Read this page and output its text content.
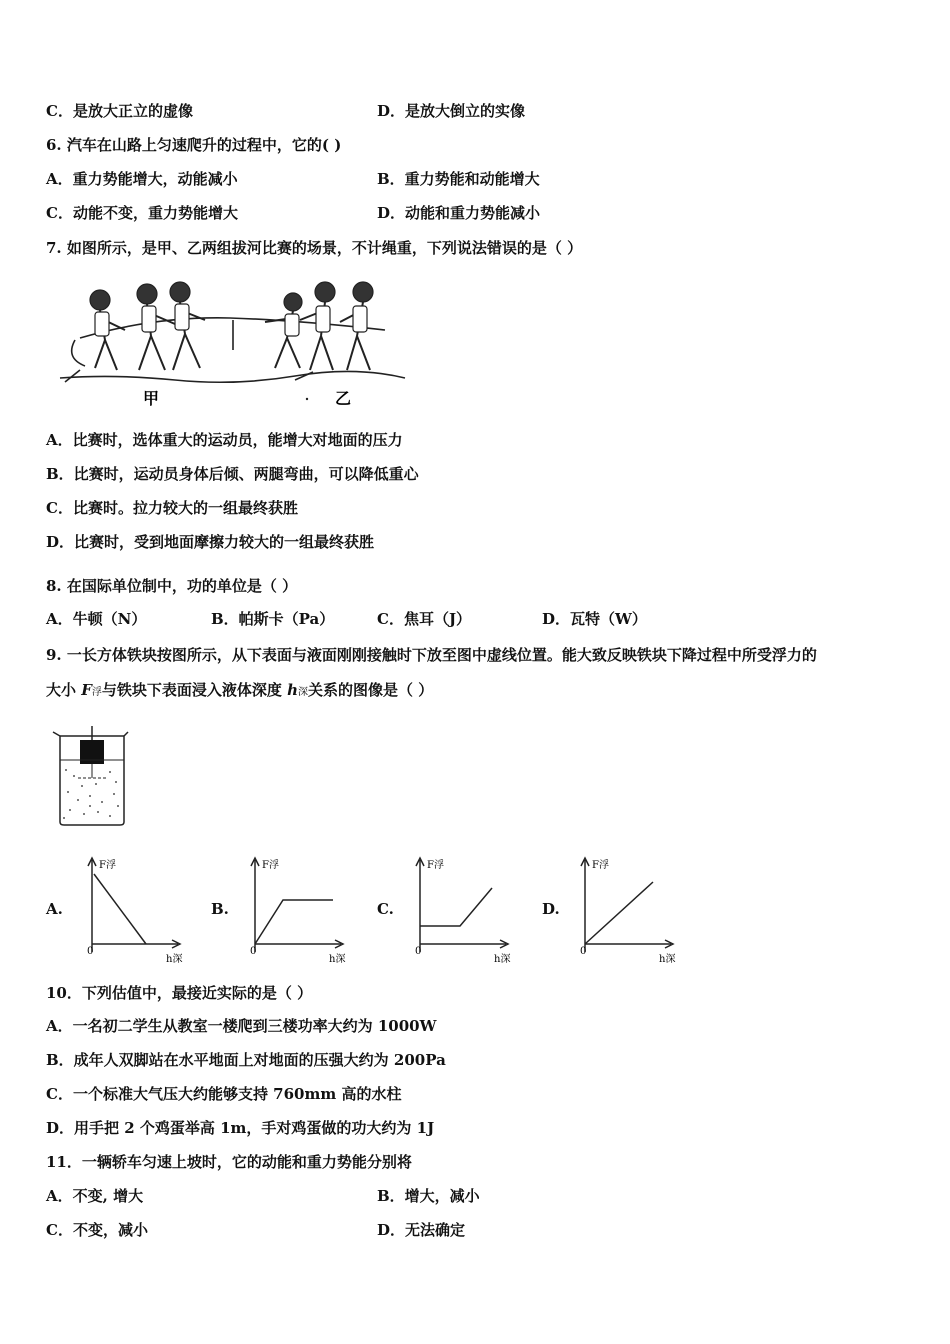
C．是放大正立的虚像	D．是放大倒立的实像
6. 汽车在山路上匀速爬升的过程中，它的( )
A．重力势能增大，动能减小	B．重力势能和动能增大
C．动能不变，重力势能增大	D．动能和重力势能减小
7. 如图所示，是甲、乙两组拔河比赛的场景，不计绳重，下列说法错误的是（ ）
甲	乙
A．比赛时，选体重大的运动员，能增大对地面的压力
B．比赛时，运动员身体后倾、两腿弯曲，可以降低重心
C．比赛时。拉力较大的一组最终获胜
D．比赛时，受到地面摩擦力较大的一组最终获胜
8. 在国际单位制中，功的单位是（ ）
A．牛顿（N）	B．帕斯卡（Pa）	C．焦耳（J）	D．瓦特（W）
9. 一长方体铁块按图所示，从下表面与液面刚刚接触时下放至图中虚线位置。能大致反映铁块下降过程中所受浮力的
大小 F浮与铁块下表面浸入液体深度 h深关系的图像是（ ）
A.	B.	C.	D.
F浮
h深
0
F浮
h深
0
F浮
h深
0
F浮
h深
0
10．下列估值中，最接近实际的是（ ）
A．一名初二学生从教室一楼爬到三楼功率大约为 1000W
B．成年人双脚站在水平地面上对地面的压强大约为 200Pa
C．一个标准大气压大约能够支持 760mm 高的水柱
D．用手把 2 个鸡蛋举高 1m，手对鸡蛋做的功大约为 1J
11．一辆轿车匀速上坡时，它的动能和重力势能分别将
A．不变, 增大	B．增大，减小
C．不变，减小	D．无法确定
